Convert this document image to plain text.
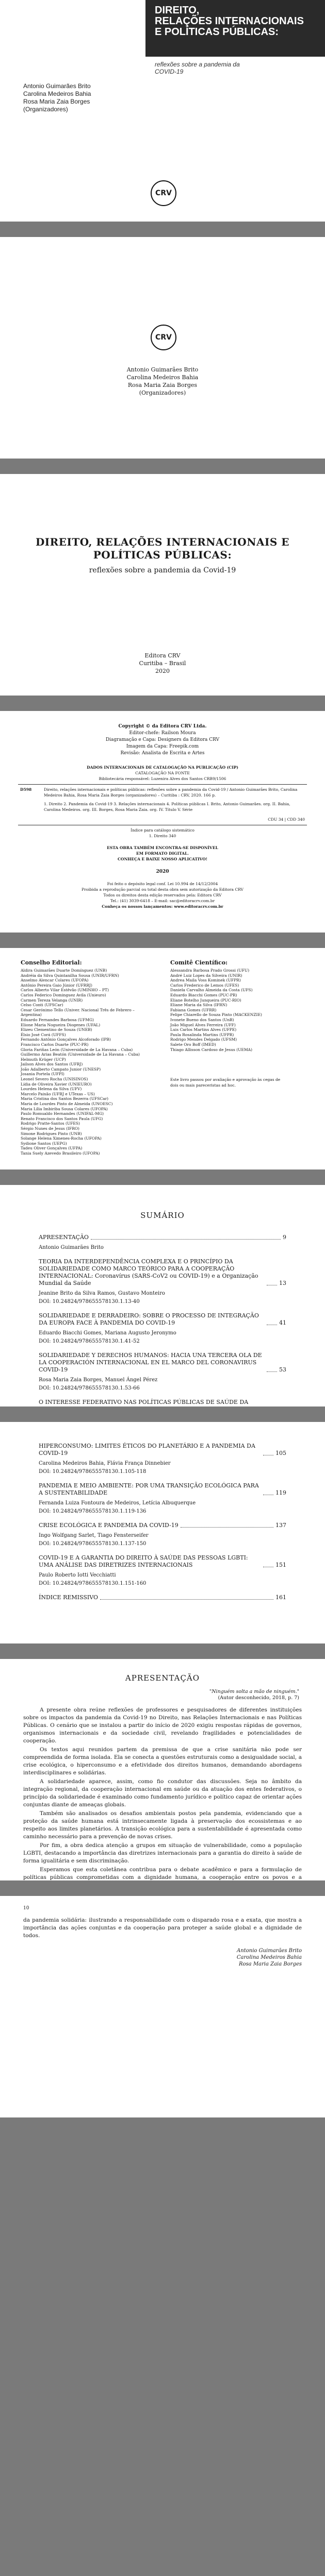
DIREITO,
RELAÇÕES INTERNACIONAIS
E POLÍTICAS PÚBLICAS:
reflexões sobre a pandemia da
COVID-19
Antonio Guimarães Brito
Carolina Medeiros Bahia
Rosa Maria Zaia Borges
(Organizadores)
CRV
CRV
Antonio Guimarães Brito
Carolina Medeiros Bahia
Rosa Maria Zaia Borges
(Organizadores)
DIREITO, RELAÇÕES INTERNACIONAIS E POLÍTICAS PÚBLICAS:
reflexões sobre a pandemia da Covid-19
Editora CRV
Curitiba – Brasil
2020
Copyright © da Editora CRV Ltda.
Editor-chefe: Railson Moura
Diagramação e Capa: Designers da Editora CRV
Imagem da Capa: Freepik.com
Revisão: Analista de Escrita e Artes
DADOS INTERNACIONAIS DE CATALOGAÇÃO NA PUBLICAÇÃO (CIP)
CATALOGAÇÃO NA FONTE
Bibliotecária responsável: Luzenira Alves dos Santos CRB9/1506
D598	Direito, relações internacionais e políticas públicas: reflexões sobre a pandemia da Covid-19 / Antonio Guimarães Brito, Carolina Medeiros Bahia, Rosa Maria Zaia Borges (organizadores) – Curitiba : CRV, 2020. 166 p.
1. Direito 2. Pandemia da Covid-19 3. Relações internacionais 4. Políticas públicas I. Brito, Antonio Guimarães. org. II. Bahia, Carolina Medeiros. org. III. Borges, Rosa Maria Zaia. org. IV. Título V. Série
CDU 34 | CDD 340
Índice para catálogo sistemático
1. Direito 340
ESTA OBRA TAMBÉM ENCONTRA-SE DISPONÍVEL
EM FORMATO DIGITAL.
CONHEÇA E BAIXE NOSSO APLICATIVO!
2020
Foi feito o depósito legal conf. Lei 10.994 de 14/12/2004
Proibida a reprodução parcial ou total desta obra sem autorização da Editora CRV
Todos os direitos desta edição reservados pela: Editora CRV
Tel.: (41) 3039-6418 – E-mail: sac@editoracrv.com.br
Conheça os nossos lançamentos: www.editoracrv.com.br
Conselho Editorial:
Aldira Guimarães Duarte Domínguez (UNB)
Andréia da Silva Quintanilha Sousa (UNIR/UFRN)
Anselmo Alencar Colares (UFOPA)
Antônio Pereira Gaio Júnior (UFRRJ)
Carlos Alberto Vilar Estêvão (UMINHO – PT)
Carlos Federico Dominguez Avila (Unieuro)
Carmen Tereza Velanga (UNIR)
Celso Conti (UFSCar)
Cesar Gerónimo Tello (Univer. Nacional Três de Febrero – Argentina)
Eduardo Fernandes Barbosa (UFMG)
Elione Maria Nogueira Diogenes (UFAL)
Elizeu Clementino de Souza (UNEB)
Élsio José Corá (UFFS)
Fernando Antônio Gonçalves Alcoforado (IPB)
Francisco Carlos Duarte (PUC-PR)
Gloria Fariñas León (Universidade de La Havana – Cuba)
Guillermo Arias Beatón (Universidade de La Havana – Cuba)
Helmuth Krüger (UCP)
Jailson Alves dos Santos (UFRJ)
João Adalberto Campato Junior (UNESP)
Josania Portela (UFPI)
Leonel Severo Rocha (UNISINOS)
Lídia de Oliveira Xavier (UNIEURO)
Lourdes Helena da Silva (UFV)
Marcelo Paixão (UFRJ e UTexas – US)
Maria Cristina dos Santos Bezerra (UFSCar)
Maria de Lourdes Pinto de Almeida (UNOESC)
Maria Lília Imbiriba Sousa Colares (UFOPA)
Paulo Romualdo Hernandes (UNIFAL-MG)
Renato Francisco dos Santos Paula (UFG)
Rodrigo Pratte-Santos (UFES)
Sérgio Nunes de Jesus (IFRO)
Simone Rodrigues Pinto (UNB)
Solange Helena Ximenes-Rocha (UFOPA)
Sydione Santos (UEPG)
Tadeu Oliver Gonçalves (UFPA)
Tania Suely Azevedo Brasileiro (UFOPA)
Comitê Científico:
Alessandra Barbosa Prado Grossi (UFU)
André Luiz Lopes da Silveira (UNIR)
Andrea Maila Voss Kominek (UFPR)
Carlos Frederico de Lemos (UFES)
Daniela Carvalho Almeida da Costa (UFS)
Eduardo Biacchi Gomes (PUC-PR)
Eliane Botelho Junqueira (PUC-RIO)
Eliane Maria da Silva (IFRN)
Fabiana Gomes (UFRR)
Felipe Chiarello de Souza Pinto (MACKENZIE)
Ivonete Bueno dos Santos (UnB)
João Miguel Alves Ferreira (UFF)
Luis Carlos Martins Alves (UFPE)
Paula Rosalinda Martins (UFPR)
Rodrigo Mendes Delgado (UFSM)
Salete Oro Boff (IMED)
Thiago Allisson Cardoso de Jesus (UEMA)
Este livro passou por avaliação e aprovação às cegas de dois ou mais pareceristas ad hoc.
SUMÁRIO
APRESENTAÇÃO	9
Antonio Guimarães Brito
TEORIA DA INTERDEPENDÊNCIA COMPLEXA E O PRINCÍPIO DA SOLIDARIEDADE COMO MARCO TEÓRICO PARA A COOPERAÇÃO INTERNACIONAL: Coronavírus (SARS-CoV2 ou COVID-19) e a Organização Mundial da Saúde	13
Jeanine Brito da Silva Ramos, Gustavo Monteiro
DOI: 10.24824/978655578130.1.13-40
SOLIDARIEDADE E DERRADEIRO: SOBRE O PROCESSO DE INTEGRAÇÃO DA EUROPA FACE À PANDEMIA DO COVID-19	41
Eduardo Biacchi Gomes, Mariana Augusto Jeronymo
DOI: 10.24824/978655578130.1.41-52
SOLIDARIEDADE Y DERECHOS HUMANOS: HACIA UNA TERCERA OLA DE LA COOPERACIÓN INTERNACIONAL EN EL MARCO DEL CORONAVIRUS COVID-19	53
Rosa Maria Zaia Borges, Manuel Ángel Pérez
DOI: 10.24824/978655578130.1.53-66
O INTERESSE FEDERATIVO NAS POLÍTICAS PÚBLICAS DE SAÚDE DA
HIPERCONSUMO: LIMITES ÉTICOS DO PLANETÁRIO E A PANDEMIA DA COVID-19	105
Carolina Medeiros Bahia, Flávia França Dinnebier
DOI: 10.24824/978655578130.1.105-118
PANDEMIA E MEIO AMBIENTE: POR UMA TRANSIÇÃO ECOLÓGICA PARA A SUSTENTABILIDADE	119
Fernanda Luiza Fontoura de Medeiros, Letícia Albuquerque
DOI: 10.24824/978655578130.1.119-136
CRISE ECOLÓGICA E PANDEMIA DA COVID-19	137
Ingo Wolfgang Sarlet, Tiago Fensterseifer
DOI: 10.24824/978655578130.1.137-150
COVID-19 E A GARANTIA DO DIREITO À SAÚDE DAS PESSOAS LGBTI: UMA ANÁLISE DAS DIRETRIZES INTERNACIONAIS	151
Paulo Roberto Iotti Vecchiatti
DOI: 10.24824/978655578130.1.151-160
ÍNDICE REMISSIVO	161
APRESENTAÇÃO
"Ninguém solta a mão de ninguém."
(Autor desconhecido, 2018, p. 7)

A presente obra reúne reflexões de professores e pesquisadores de diferentes instituições sobre os impactos da pandemia da Covid-19 no Direito, nas Relações Internacionais e nas Políticas Públicas. O cenário que se instalou a partir do início de 2020 exigiu respostas rápidas de governos, organismos internacionais e da sociedade civil, revelando fragilidades e potencialidades de cooperação.

Os textos aqui reunidos partem da premissa de que a crise sanitária não pode ser compreendida de forma isolada. Ela se conecta a questões estruturais como a desigualdade social, a crise ecológica, o hiperconsumo e a efetividade dos direitos humanos, demandando abordagens interdisciplinares e solidárias.

A solidariedade aparece, assim, como fio condutor das discussões. Seja no âmbito da integração regional, da cooperação internacional em saúde ou da atuação dos entes federativos, o princípio da solidariedade é examinado como fundamento jurídico e político capaz de orientar ações conjuntas diante de ameaças globais.

Também são analisados os desafios ambientais postos pela pandemia, evidenciando que a proteção da saúde humana está intrinsecamente ligada à preservação dos ecossistemas e ao respeito aos limites planetários. A transição ecológica para a sustentabilidade é apresentada como caminho necessário para a prevenção de novas crises.

Por fim, a obra dedica atenção a grupos em situação de vulnerabilidade, como a população LGBTI, destacando a importância das diretrizes internacionais para a garantia do direito à saúde de forma igualitária e sem discriminação.

Esperamos que esta coletânea contribua para o debate acadêmico e para a formulação de políticas públicas comprometidas com a dignidade humana, a cooperação entre os povos e a

10
da pandemia solidária: ilustrando a responsabilidade com o disparado rosa e a exata, que mostra a importância das ações conjuntas e da cooperação para proteger a saúde global e a dignidade de todos.
Antonio Guimarães Brito
Carolina Medeiros Bahia
Rosa Maria Zaia Borges
